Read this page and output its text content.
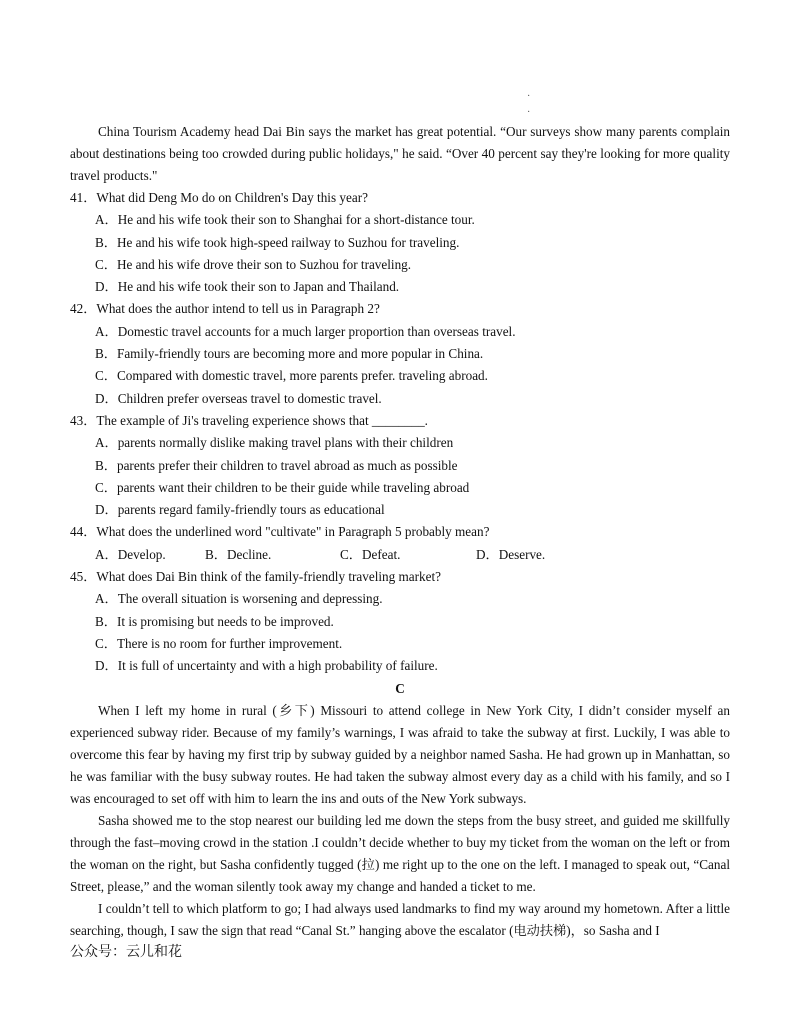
·
·

China Tourism Academy head Dai Bin says the market has great potential. “Our surveys show many parents complain about destinations being too crowded during public holidays," he said. “Over 40 percent say they're looking for more quality travel products."

41．What did Deng Mo do on Children's Day this year?

A．He and his wife took their son to Shanghai for a short-distance tour.

B．He and his wife took high-speed railway to Suzhou for traveling.

C．He and his wife drove their son to Suzhou for traveling.

D．He and his wife took their son to Japan and Thailand.

42．What does the author intend to tell us in Paragraph 2?

A．Domestic travel accounts for a much larger proportion than overseas travel.

B．Family-friendly tours are becoming more and more popular in China.

C．Compared with domestic travel, more parents prefer. traveling abroad.

D．Children prefer overseas travel to domestic travel.

43．The example of Ji's traveling experience shows that ________.

A．parents normally dislike making travel plans with their children

B．parents prefer their children to travel abroad as much as possible

C．parents want their children to be their guide while traveling abroad

D．parents regard family-friendly tours as educational

44．What does the underlined word "cultivate" in Paragraph 5 probably mean?

A．Develop.	B．Decline.	C．Defeat.	D．Deserve.

45．What does Dai Bin think of the family-friendly traveling market?

A．The overall situation is worsening and depressing.

B．It is promising but needs to be improved.

C．There is no room for further improvement.

D．It is full of uncertainty and with a high probability of failure.

C

When I left my home in rural (乡下) Missouri to attend college in New York City, I didn’t consider myself an experienced subway rider. Because of my family’s warnings, I was afraid to take the subway at first. Luckily, I was able to overcome this fear by having my first trip by subway guided by a neighbor named Sasha. He had grown up in Manhattan, so he was familiar with the busy subway routes. He had taken the subway almost every day as a child with his family, and so I was encouraged to set off with him to learn the ins and outs of the New York subways.

Sasha showed me to the stop nearest our building led me down the steps from the busy street, and guided me skillfully through the fast–moving crowd in the station .I couldn’t decide whether to buy my ticket from the woman on the left or from the woman on the right, but Sasha confidently tugged (拉) me right up to the one on the left. I managed to speak out, “Canal Street, please,” and the woman silently took away my change and handed a ticket to me.

I couldn’t tell to which platform to go; I had always used landmarks to find my way around my hometown. After a little searching, though, I saw the sign that read “Canal St.” hanging above the escalator (电动扶梯)，so Sasha and I

公众号：云儿和花
